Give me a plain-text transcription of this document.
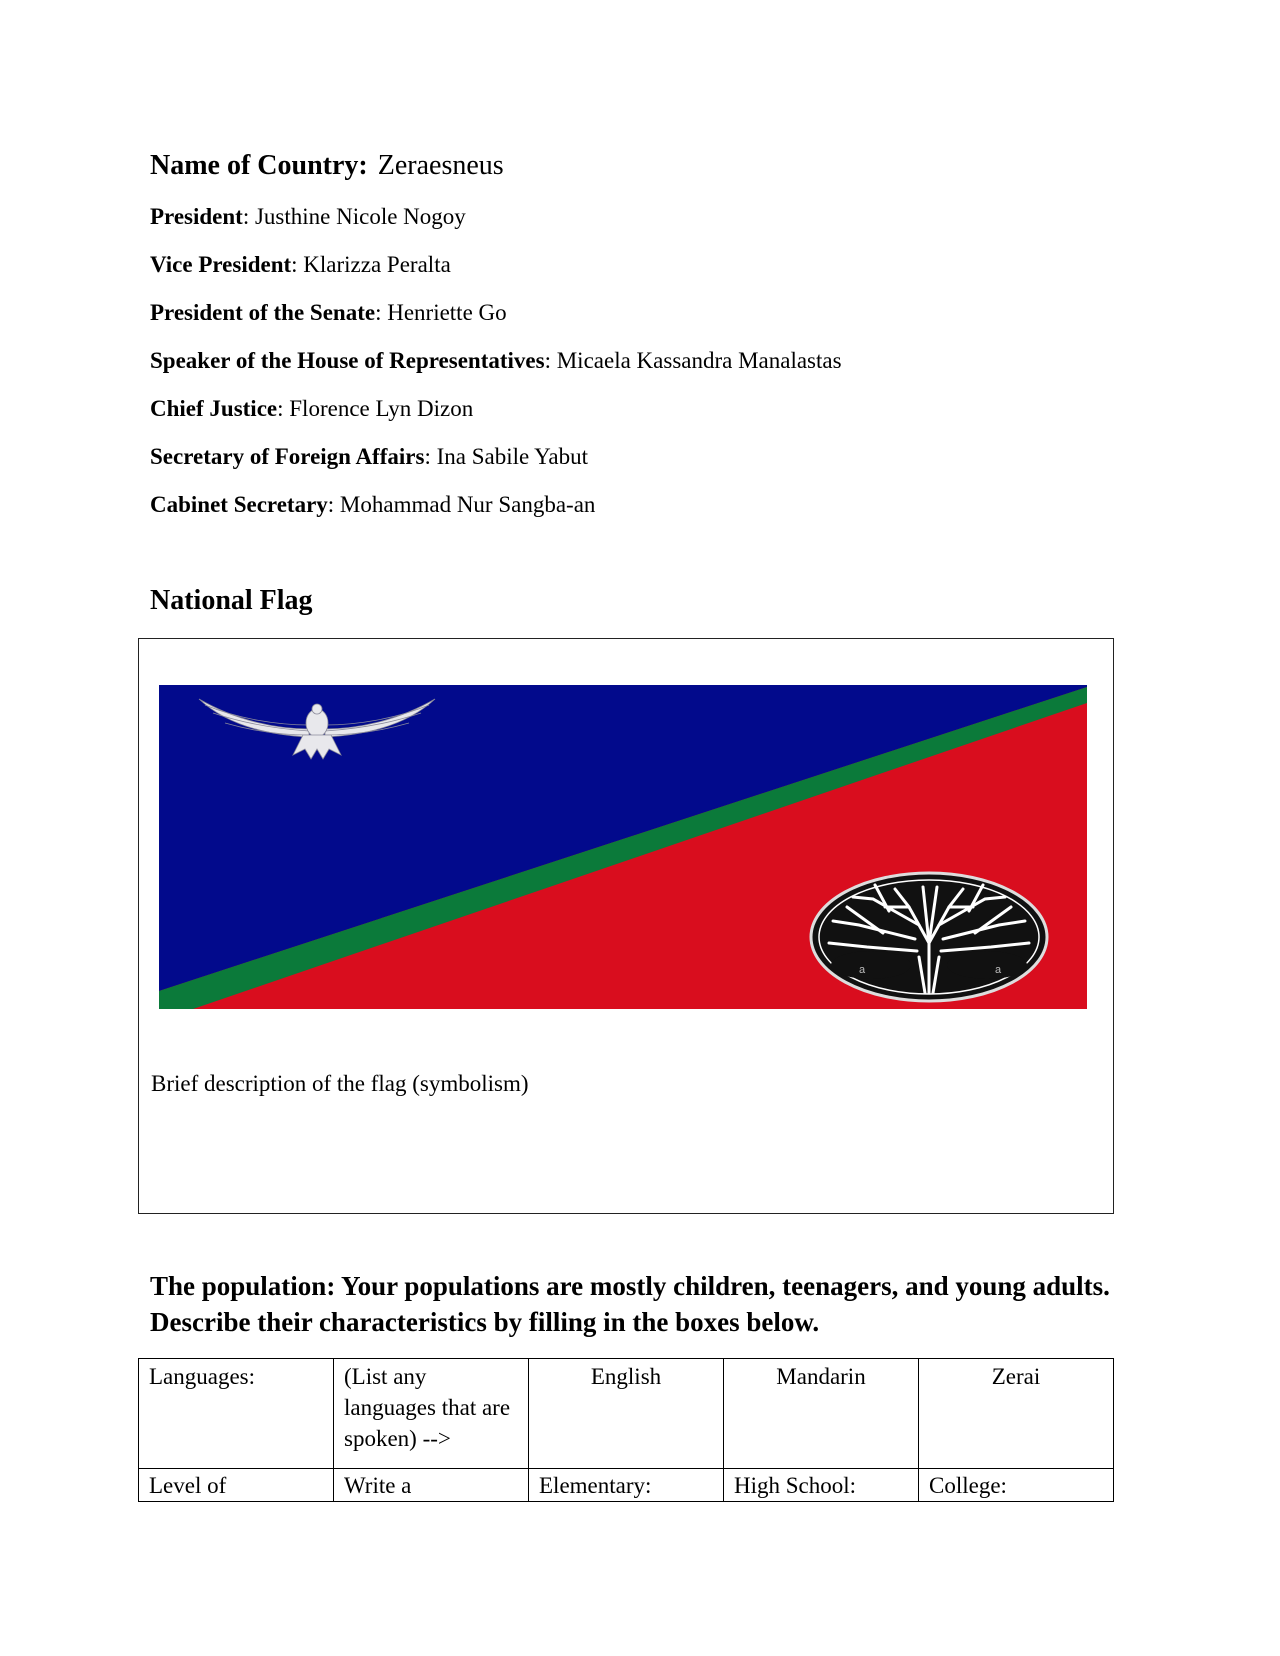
Name of Country: Zeraesneus
President: Justhine Nicole Nogoy
Vice President: Klarizza Peralta
President of the Senate: Henriette Go
Speaker of the House of Representatives: Micaela Kassandra Manalastas
Chief Justice: Florence Lyn Dizon
Secretary of Foreign Affairs: Ina Sabile Yabut
Cabinet Secretary: Mohammad Nur Sangba-an
National Flag
a	a
Brief description of the flag (symbolism)
The population: Your populations are mostly children, teenagers, and young adults. Describe their characteristics by filling in the boxes below.
Languages:	(List any languages that are spoken) -->	English	Mandarin	Zerai
Level of	Write a	Elementary:	High School:	College:
